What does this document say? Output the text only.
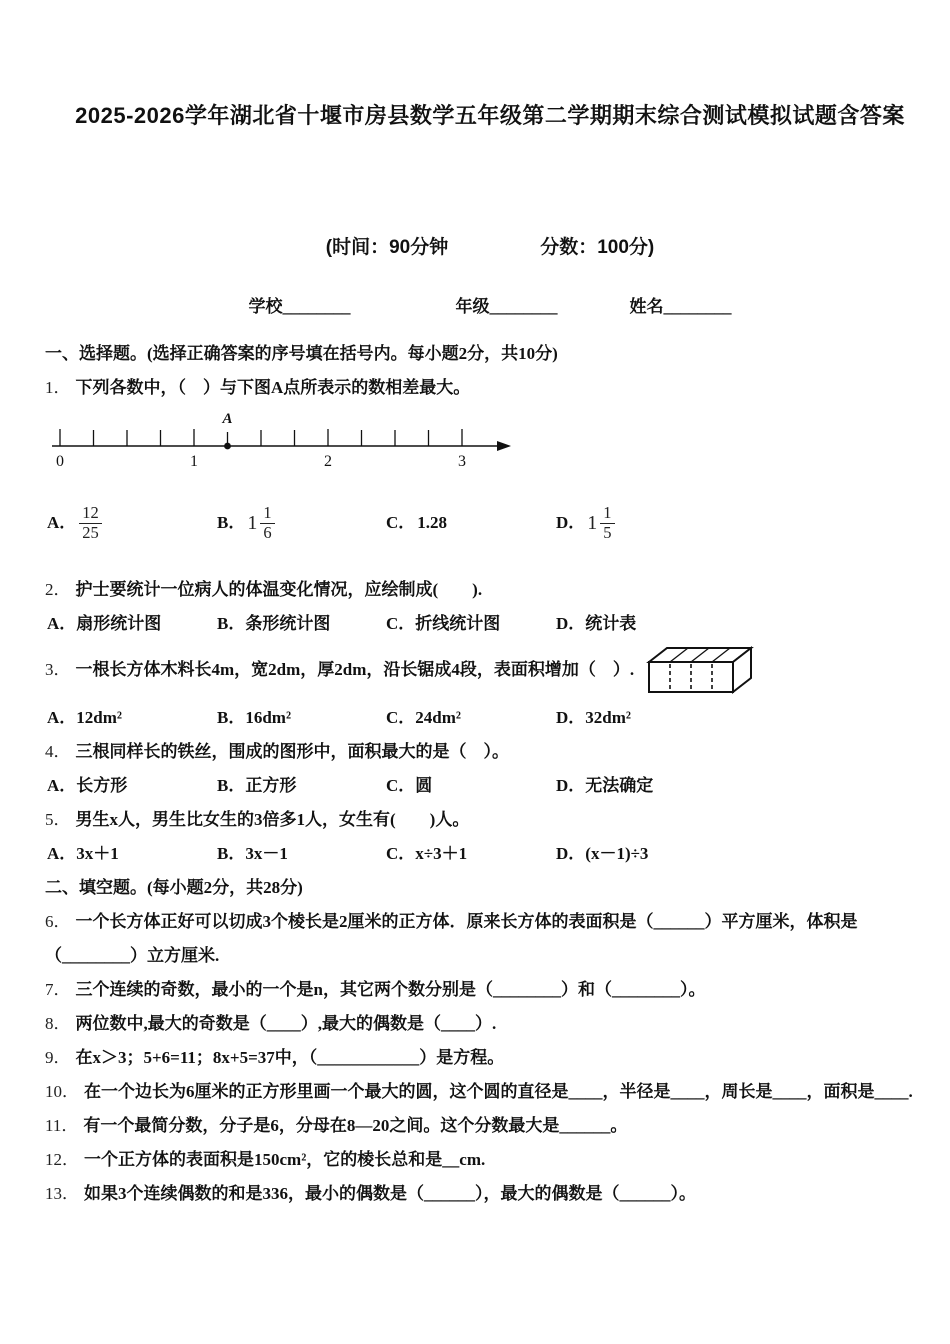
2025-2026学年湖北省十堰市房县数学五年级第二学期期末综合测试模拟试题含答案
(时间：90分钟	分数：100分)
学校________	年级________	姓名________
一、选择题。(选择正确答案的序号填在括号内。每小题2分，共10分)
1． 下列各数中，（　）与下图A点所表示的数相差最大。
A
0	1	2	3
A． $\frac{12}{25}$	B． $1 \frac{1}{6}$	C． 1.28	D． $1 \frac{1}{5}$
2． 护士要统计一位病人的体温变化情况，应绘制成(　　).
A．扇形统计图	B．条形统计图	C．折线统计图	D．统计表
3． 一根长方体木料长4m，宽2dm，厚2dm，沿长锯成4段，表面积增加（　）.
A．12dm²	B．16dm²	C．24dm²	D．32dm²
4． 三根同样长的铁丝，围成的图形中，面积最大的是（　）。
A．长方形	B．正方形	C．圆	D．无法确定
5． 男生x人，男生比女生的3倍多1人，女生有(　　)人。
A．3x＋1	B．3x－1	C．x÷3＋1	D．(x－1)÷3
二、填空题。(每小题2分，共28分)
6． 一个长方体正好可以切成3个棱长是2厘米的正方体．原来长方体的表面积是（______）平方厘米，体积是（________）立方厘米.
7． 三个连续的奇数，最小的一个是n，其它两个数分别是（________）和（________）。
8． 两位数中,最大的奇数是（____）,最大的偶数是（____）.
9． 在x＞3；5+6=11；8x+5=37中，（____________）是方程。
10． 在一个边长为6厘米的正方形里画一个最大的圆，这个圆的直径是____，半径是____，周长是____，面积是____.
11． 有一个最简分数，分子是6，分母在8—20之间。这个分数最大是______。
12． 一个正方体的表面积是150cm²，它的棱长总和是__cm.
13． 如果3个连续偶数的和是336，最小的偶数是（______），最大的偶数是（______）。
